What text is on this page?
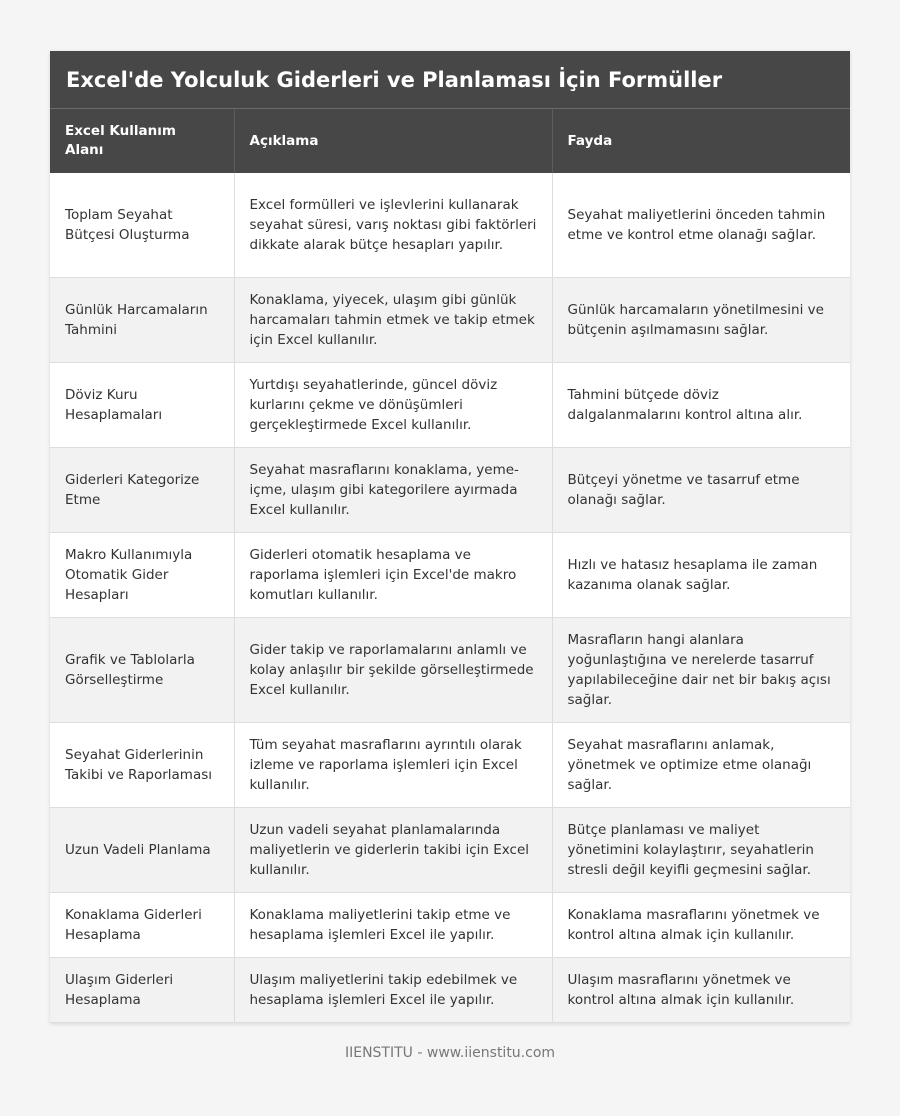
Excel'de Yolculuk Giderleri ve Planlaması İçin Formüller
Excel Kullanım Alanı	Açıklama	Fayda
Toplam Seyahat Bütçesi Oluşturma	Excel formülleri ve işlevlerini kullanarak seyahat süresi, varış noktası gibi faktörleri dikkate alarak bütçe hesapları yapılır.	Seyahat maliyetlerini önceden tahmin etme ve kontrol etme olanağı sağlar.
Günlük Harcamaların Tahmini	Konaklama, yiyecek, ulaşım gibi günlük harcamaları tahmin etmek ve takip etmek için Excel kullanılır.	Günlük harcamaların yönetilmesini ve bütçenin aşılmamasını sağlar.
Döviz Kuru Hesaplamaları	Yurtdışı seyahatlerinde, güncel döviz kurlarını çekme ve dönüşümleri gerçekleştirmede Excel kullanılır.	Tahmini bütçede döviz dalgalanmalarını kontrol altına alır.
Giderleri Kategorize Etme	Seyahat masraflarını konaklama, yeme-içme, ulaşım gibi kategorilere ayırmada Excel kullanılır.	Bütçeyi yönetme ve tasarruf etme olanağı sağlar.
Makro Kullanımıyla Otomatik Gider Hesapları	Giderleri otomatik hesaplama ve raporlama işlemleri için Excel'de makro komutları kullanılır.	Hızlı ve hatasız hesaplama ile zaman kazanıma olanak sağlar.
Grafik ve Tablolarla Görselleştirme	Gider takip ve raporlamalarını anlamlı ve kolay anlaşılır bir şekilde görselleştirmede Excel kullanılır.	Masrafların hangi alanlara yoğunlaştığına ve nerelerde tasarruf yapılabileceğine dair net bir bakış açısı sağlar.
Seyahat Giderlerinin Takibi ve Raporlaması	Tüm seyahat masraflarını ayrıntılı olarak izleme ve raporlama işlemleri için Excel kullanılır.	Seyahat masraflarını anlamak, yönetmek ve optimize etme olanağı sağlar.
Uzun Vadeli Planlama	Uzun vadeli seyahat planlamalarında maliyetlerin ve giderlerin takibi için Excel kullanılır.	Bütçe planlaması ve maliyet yönetimini kolaylaştırır, seyahatlerin stresli değil keyifli geçmesini sağlar.
Konaklama Giderleri Hesaplama	Konaklama maliyetlerini takip etme ve hesaplama işlemleri Excel ile yapılır.	Konaklama masraflarını yönetmek ve kontrol altına almak için kullanılır.
Ulaşım Giderleri Hesaplama	Ulaşım maliyetlerini takip edebilmek ve hesaplama işlemleri Excel ile yapılır.	Ulaşım masraflarını yönetmek ve kontrol altına almak için kullanılır.
IIENSTITU - www.iienstitu.com
